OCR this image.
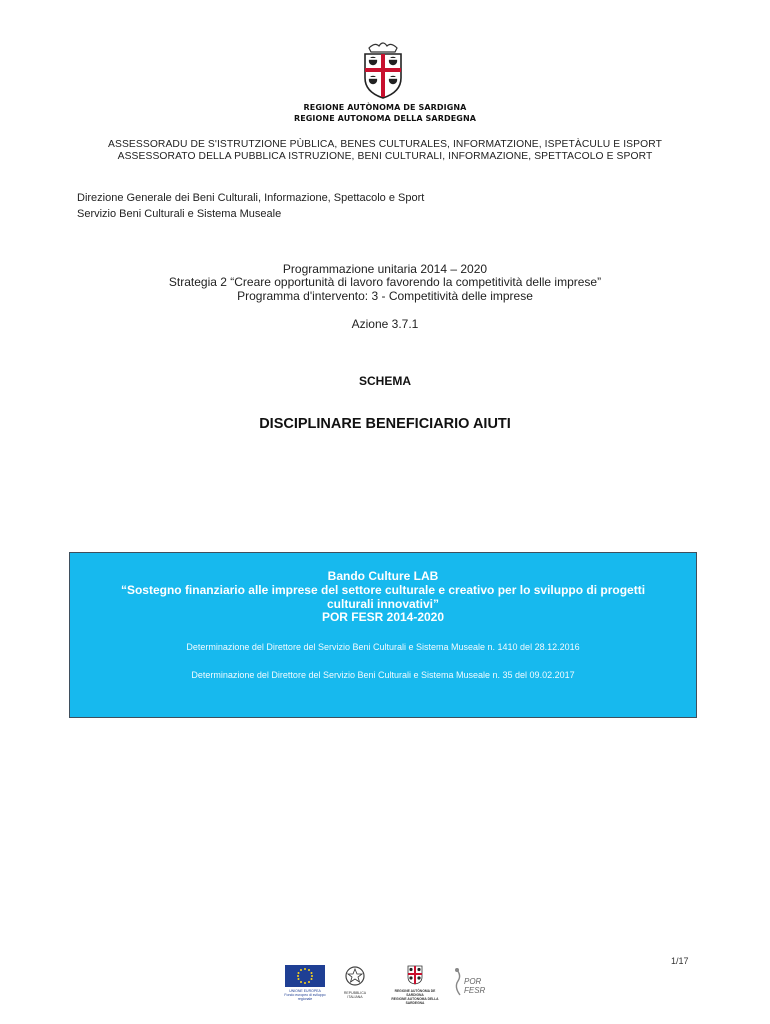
REGIONE AUTÒNOMA DE SARDIGNA
REGIONE AUTONOMA DELLA SARDEGNA
ASSESSORADU DE S'ISTRUTZIONE PÙBLICA, BENES CULTURALES, INFORMATZIONE, ISPETÀCULU E ISPORT
ASSESSORATO DELLA PUBBLICA ISTRUZIONE, BENI CULTURALI, INFORMAZIONE, SPETTACOLO E SPORT
Direzione Generale dei Beni Culturali, Informazione, Spettacolo e Sport
Servizio Beni Culturali e Sistema Museale
Programmazione unitaria 2014 – 2020
Strategia 2 “Creare opportunità di lavoro favorendo la competitività delle imprese”
Programma d'intervento: 3 - Competitività delle imprese
Azione 3.7.1
SCHEMA
DISCIPLINARE BENEFICIARIO AIUTI
Bando Culture LAB
“Sostegno finanziario alle imprese del settore culturale e creativo per lo sviluppo di progetti
culturali innovativi”
POR FESR 2014-2020
Determinazione del Direttore del Servizio Beni Culturali e Sistema Museale n. 1410 del 28.12.2016
Determinazione del Direttore del Servizio Beni Culturali e Sistema Museale n. 35 del 09.02.2017
1/17
UNIONE EUROPEA
Fondo europeo di sviluppo regionale
REPUBBLICA ITALIANA
REGIONE AUTÒNOMA DE SARDIGNA
REGIONE AUTONOMA DELLA SARDEGNA
POR FESR
